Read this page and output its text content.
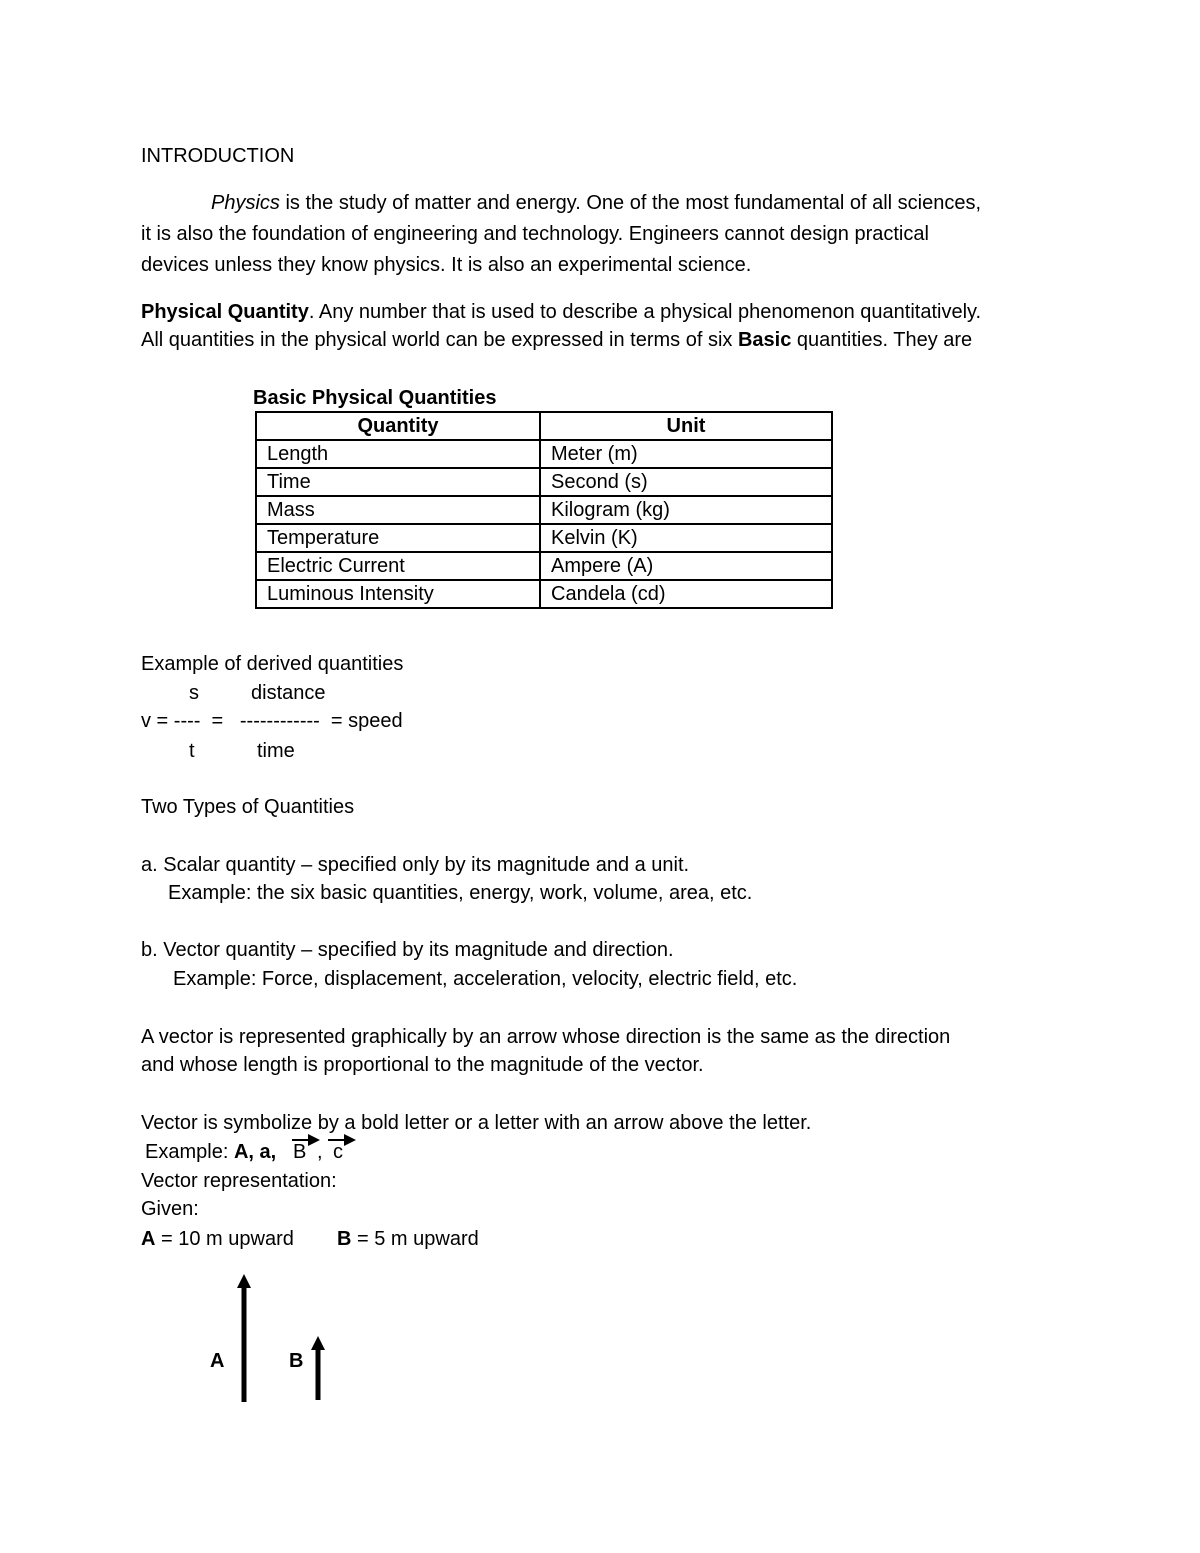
INTRODUCTION
Physics is the study of matter and energy. One of the most fundamental of all sciences,
it is also the foundation of engineering and technology. Engineers cannot design practical
devices unless they know physics. It is also an experimental science.
Physical Quantity. Any number that is used to describe a physical phenomenon quantitatively.
All quantities in the physical world can be expressed in terms of six Basic quantities. They are
Basic Physical Quantities
Quantity	Unit
Length	Meter (m)
Time	Second (s)
Mass	Kilogram (kg)
Temperature	Kelvin (K)
Electric Current	Ampere (A)
Luminous Intensity	Candela (cd)
Example of derived quantities
s	distance
v = ----  =   ------------  = speed
t	time
Two Types of Quantities
a. Scalar quantity – specified only by its magnitude and a unit.
Example: the six basic quantities, energy, work, volume, area, etc.
b. Vector quantity – specified by its magnitude and direction.
Example: Force, displacement, acceleration, velocity, electric field, etc.
A vector is represented graphically by an arrow whose direction is the same as the direction
and whose length is proportional to the magnitude of the vector.
Vector is symbolize by a bold letter or a letter with an arrow above the letter.
Example: A, a, B , c
Vector representation:
Given:
A = 10 m upward B = 5 m upward
A	B
